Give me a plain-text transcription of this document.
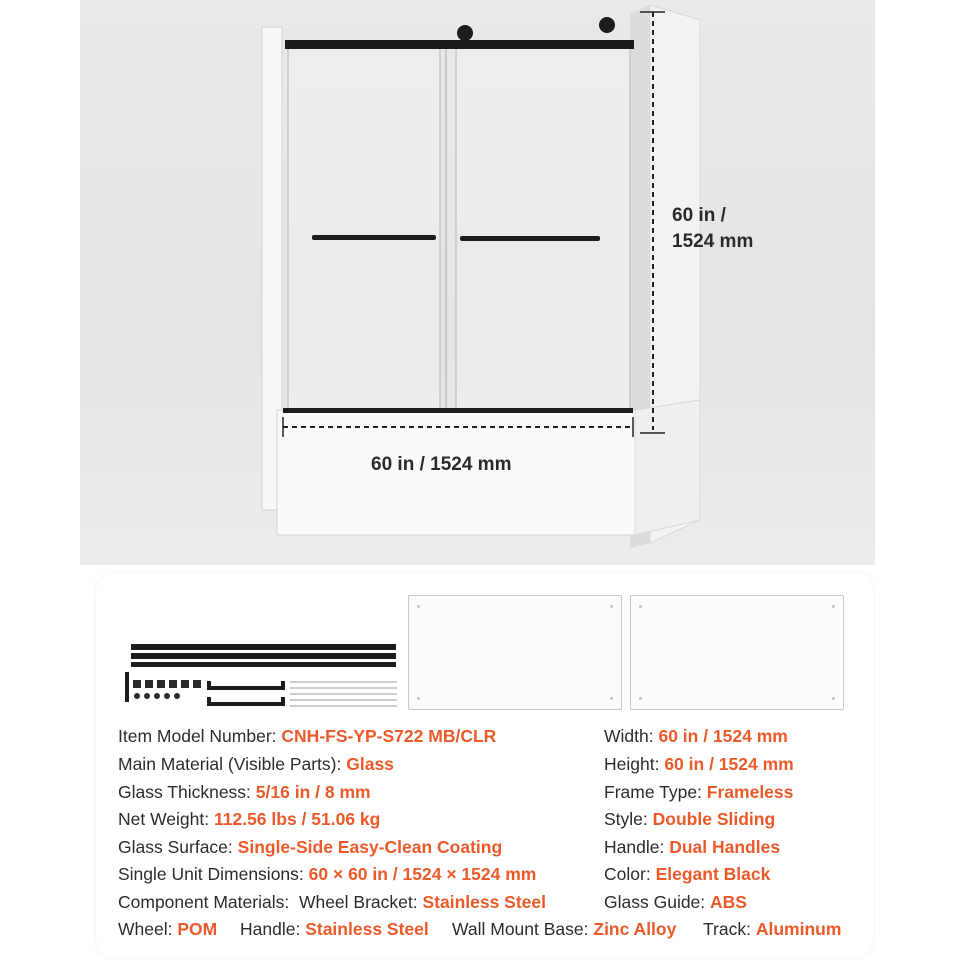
60 in /
1524 mm
60 in / 1524 mm
Item Model Number: CNH-FS-YP-S722 MB/CLR
Main Material (Visible Parts): Glass
Glass Thickness: 5/16 in / 8 mm
Net Weight: 112.56 lbs / 51.06 kg
Glass Surface: Single-Side Easy-Clean Coating
Single Unit Dimensions: 60 × 60 in / 1524 × 1524 mm
Component Materials: Wheel Bracket: Stainless Steel
Width: 60 in / 1524 mm
Height: 60 in / 1524 mm
Frame Type: Frameless
Style: Double Sliding
Handle: Dual Handles
Color: Elegant Black
Glass Guide: ABS
Wheel: POM Handle: Stainless Steel Wall Mount Base: Zinc Alloy Track: Aluminum
